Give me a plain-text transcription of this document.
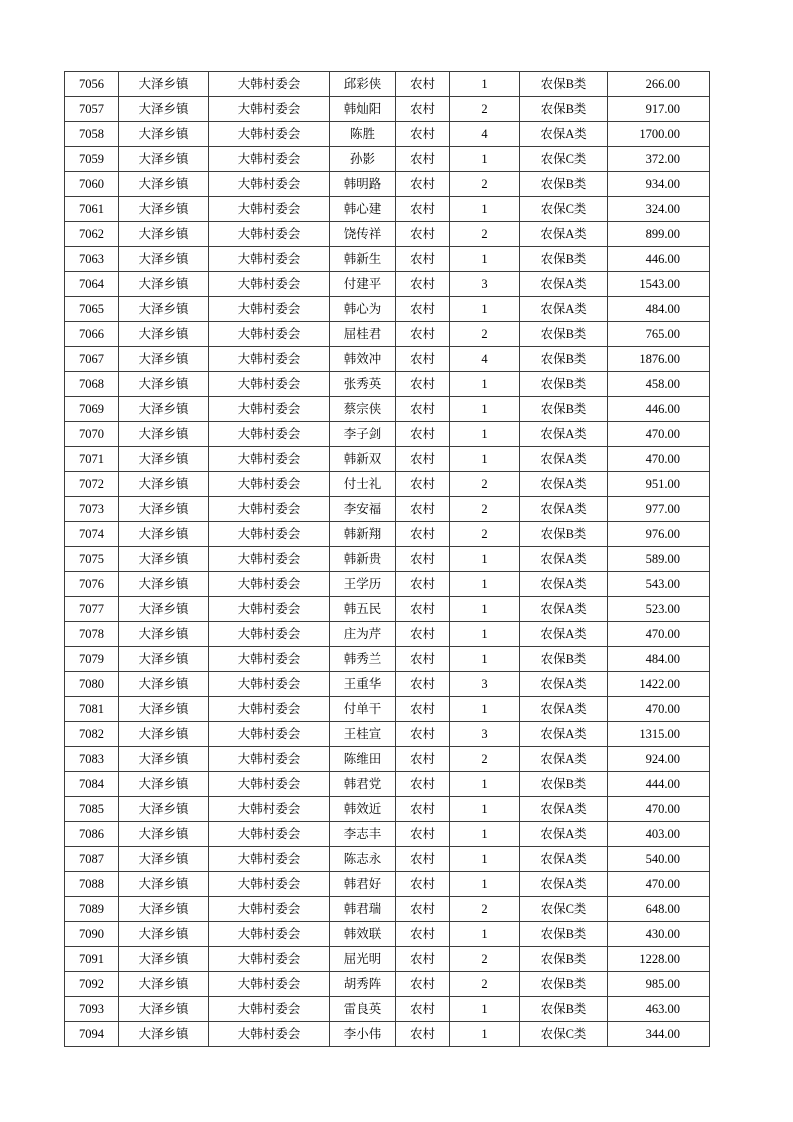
7056	大泽乡镇	大韩村委会	邱彩侠	农村	1	农保B类	266.00
7057	大泽乡镇	大韩村委会	韩灿阳	农村	2	农保B类	917.00
7058	大泽乡镇	大韩村委会	陈胜	农村	4	农保A类	1700.00
7059	大泽乡镇	大韩村委会	孙影	农村	1	农保C类	372.00
7060	大泽乡镇	大韩村委会	韩明路	农村	2	农保B类	934.00
7061	大泽乡镇	大韩村委会	韩心建	农村	1	农保C类	324.00
7062	大泽乡镇	大韩村委会	饶传祥	农村	2	农保A类	899.00
7063	大泽乡镇	大韩村委会	韩新生	农村	1	农保B类	446.00
7064	大泽乡镇	大韩村委会	付建平	农村	3	农保A类	1543.00
7065	大泽乡镇	大韩村委会	韩心为	农村	1	农保A类	484.00
7066	大泽乡镇	大韩村委会	屈桂君	农村	2	农保B类	765.00
7067	大泽乡镇	大韩村委会	韩效冲	农村	4	农保B类	1876.00
7068	大泽乡镇	大韩村委会	张秀英	农村	1	农保B类	458.00
7069	大泽乡镇	大韩村委会	蔡宗侠	农村	1	农保B类	446.00
7070	大泽乡镇	大韩村委会	李子剑	农村	1	农保A类	470.00
7071	大泽乡镇	大韩村委会	韩新双	农村	1	农保A类	470.00
7072	大泽乡镇	大韩村委会	付士礼	农村	2	农保A类	951.00
7073	大泽乡镇	大韩村委会	李安福	农村	2	农保A类	977.00
7074	大泽乡镇	大韩村委会	韩新翔	农村	2	农保B类	976.00
7075	大泽乡镇	大韩村委会	韩新贵	农村	1	农保A类	589.00
7076	大泽乡镇	大韩村委会	王学历	农村	1	农保A类	543.00
7077	大泽乡镇	大韩村委会	韩五民	农村	1	农保A类	523.00
7078	大泽乡镇	大韩村委会	庄为芹	农村	1	农保A类	470.00
7079	大泽乡镇	大韩村委会	韩秀兰	农村	1	农保B类	484.00
7080	大泽乡镇	大韩村委会	王重华	农村	3	农保A类	1422.00
7081	大泽乡镇	大韩村委会	付单干	农村	1	农保A类	470.00
7082	大泽乡镇	大韩村委会	王桂宣	农村	3	农保A类	1315.00
7083	大泽乡镇	大韩村委会	陈维田	农村	2	农保A类	924.00
7084	大泽乡镇	大韩村委会	韩君党	农村	1	农保B类	444.00
7085	大泽乡镇	大韩村委会	韩效近	农村	1	农保A类	470.00
7086	大泽乡镇	大韩村委会	李志丰	农村	1	农保A类	403.00
7087	大泽乡镇	大韩村委会	陈志永	农村	1	农保A类	540.00
7088	大泽乡镇	大韩村委会	韩君好	农村	1	农保A类	470.00
7089	大泽乡镇	大韩村委会	韩君瑞	农村	2	农保C类	648.00
7090	大泽乡镇	大韩村委会	韩效联	农村	1	农保B类	430.00
7091	大泽乡镇	大韩村委会	屈光明	农村	2	农保B类	1228.00
7092	大泽乡镇	大韩村委会	胡秀阵	农村	2	农保B类	985.00
7093	大泽乡镇	大韩村委会	雷良英	农村	1	农保B类	463.00
7094	大泽乡镇	大韩村委会	李小伟	农村	1	农保C类	344.00
